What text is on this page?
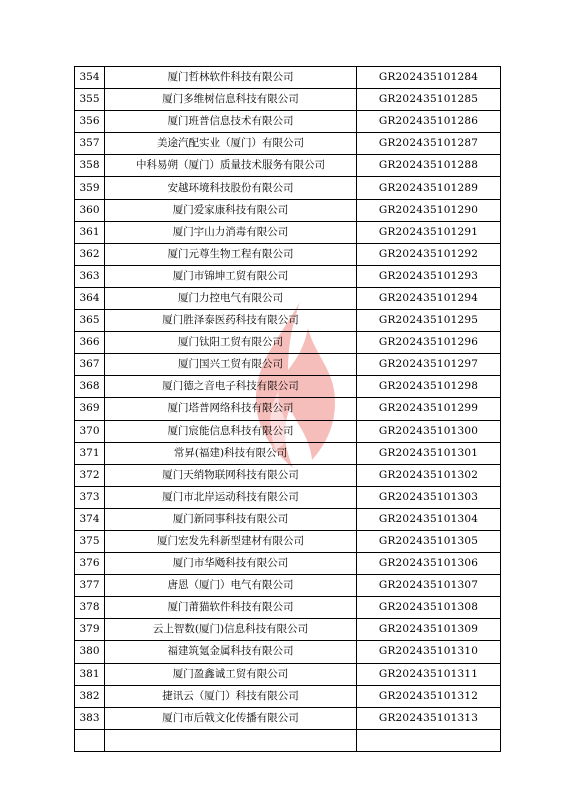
354	厦门哲林软件科技有限公司	GR202435101284
355	厦门多维树信息科技有限公司	GR202435101285
356	厦门班普信息技术有限公司	GR202435101286
357	美途汽配实业（厦门）有限公司	GR202435101287
358	中科易朔（厦门）质量技术服务有限公司	GR202435101288
359	安越环境科技股份有限公司	GR202435101289
360	厦门爱家康科技有限公司	GR202435101290
361	厦门宇山力消毒有限公司	GR202435101291
362	厦门元尊生物工程有限公司	GR202435101292
363	厦门市锦坤工贸有限公司	GR202435101293
364	厦门力控电气有限公司	GR202435101294
365	厦门胜泽泰医药科技有限公司	GR202435101295
366	厦门钛阳工贸有限公司	GR202435101296
367	厦门国兴工贸有限公司	GR202435101297
368	厦门德之音电子科技有限公司	GR202435101298
369	厦门塔普网络科技有限公司	GR202435101299
370	厦门宸能信息科技有限公司	GR202435101300
371	常昇(福建)科技有限公司	GR202435101301
372	厦门天绡物联网科技有限公司	GR202435101302
373	厦门市北岸运动科技有限公司	GR202435101303
374	厦门新同事科技有限公司	GR202435101304
375	厦门宏发先科新型建材有限公司	GR202435101305
376	厦门市华飏科技有限公司	GR202435101306
377	唐恩（厦门）电气有限公司	GR202435101307
378	厦门莆猫软件科技有限公司	GR202435101308
379	云上智数(厦门)信息科技有限公司	GR202435101309
380	福建筑氪金属科技有限公司	GR202435101310
381	厦门盈鑫诚工贸有限公司	GR202435101311
382	捷讯云（厦门）科技有限公司	GR202435101312
383	厦门市后戟文化传播有限公司	GR202435101313
